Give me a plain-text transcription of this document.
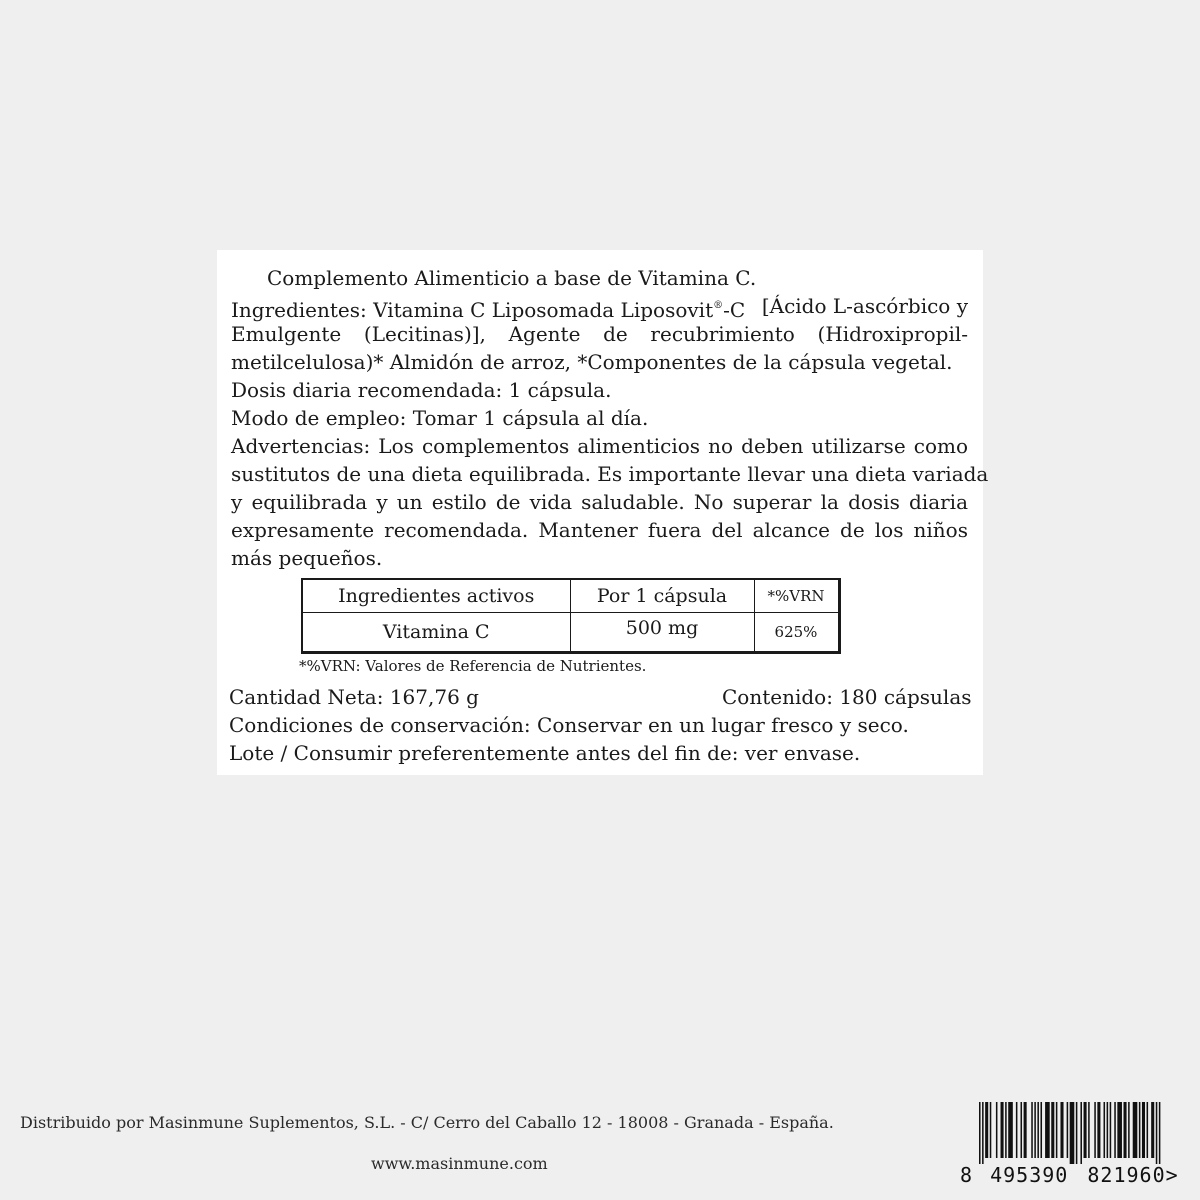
Complemento Alimenticio a base de Vitamina C.
Ingredientes: Vitamina C Liposomada Liposovit®-C [Ácido L-ascórbico y
Emulgente (Lecitinas)], Agente de recubrimiento (Hidroxipropil-
metilcelulosa)* Almidón de arroz, *Componentes de la cápsula vegetal.
Dosis diaria recomendada: 1 cápsula.
Modo de empleo: Tomar 1 cápsula al día.
Advertencias: Los complementos alimenticios no deben utilizarse como
sustitutos de una dieta equilibrada. Es importante llevar una dieta variada
y equilibrada y un estilo de vida saludable. No superar la dosis diaria
expresamente recomendada. Mantener fuera del alcance de los niños
más pequeños.
Ingredientes activos	Por 1 cápsula	*%VRN
Vitamina C	500 mg	625%
*%VRN: Valores de Referencia de Nutrientes.
Cantidad Neta: 167,76 g	Contenido: 180 cápsulas
Condiciones de conservación: Conservar en un lugar fresco y seco.
Lote / Consumir preferentemente antes del fin de: ver envase.
Distribuido por Masinmune Suplementos, S.L. - C/ Cerro del Caballo 12 - 18008 - Granada - España.
www.masinmune.com	8 495390 821960>
